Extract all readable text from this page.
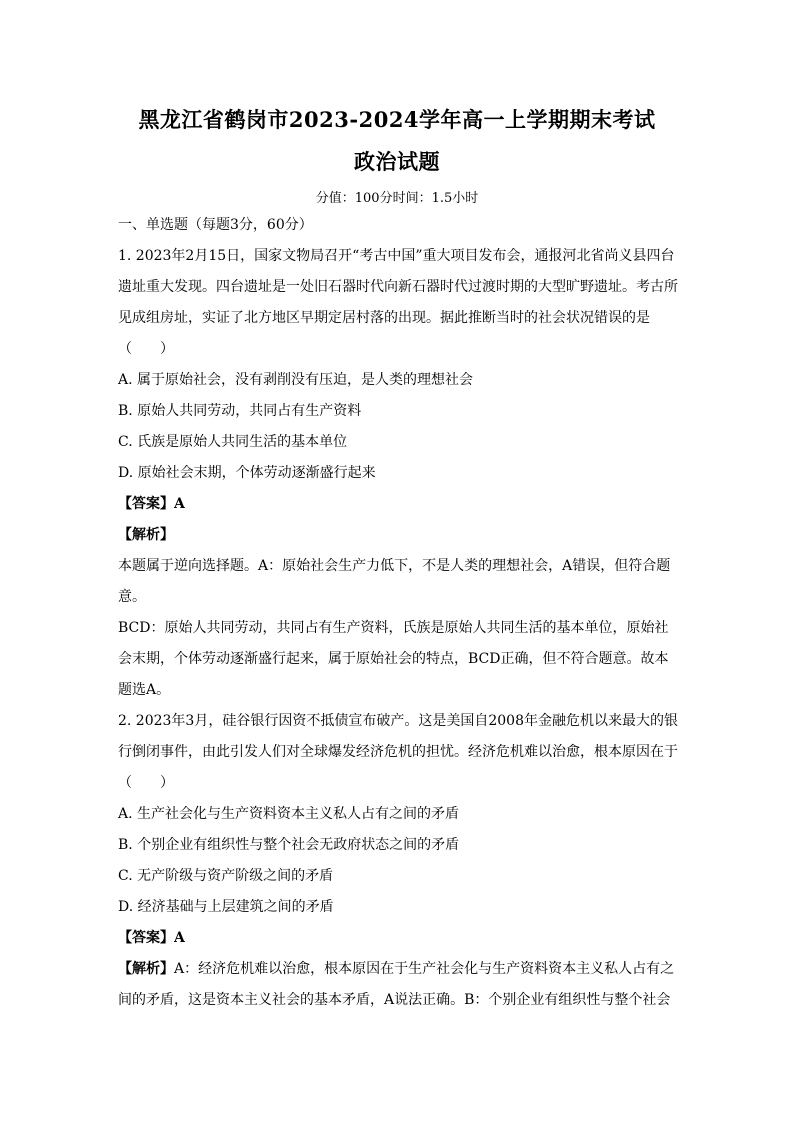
黑龙江省鹤岗市2023-2024学年高一上学期期末考试
政治试题
分值：100分时间：1.5小时

一、单选题（每题3分，60分）

1. 2023年2月15日，国家文物局召开“考古中国”重大项目发布会，通报河北省尚义县四台

遗址重大发现。四台遗址是一处旧石器时代向新石器时代过渡时期的大型旷野遗址。考古所

见成组房址，实证了北方地区早期定居村落的出现。据此推断当时的社会状况错误的是

（　　）

A. 属于原始社会，没有剥削没有压迫，是人类的理想社会

B. 原始人共同劳动，共同占有生产资料

C. 氏族是原始人共同生活的基本单位

D. 原始社会末期，个体劳动逐渐盛行起来

【答案】A

【解析】

本题属于逆向选择题。A：原始社会生产力低下，不是人类的理想社会，A错误，但符合题

意。

BCD：原始人共同劳动，共同占有生产资料，氏族是原始人共同生活的基本单位，原始社

会末期，个体劳动逐渐盛行起来，属于原始社会的特点，BCD正确，但不符合题意。故本

题选A。

2. 2023年3月，硅谷银行因资不抵债宣布破产。这是美国自2008年金融危机以来最大的银

行倒闭事件，由此引发人们对全球爆发经济危机的担忧。经济危机难以治愈，根本原因在于

（　　）

A. 生产社会化与生产资料资本主义私人占有之间的矛盾

B. 个别企业有组织性与整个社会无政府状态之间的矛盾

C. 无产阶级与资产阶级之间的矛盾

D. 经济基础与上层建筑之间的矛盾

【答案】A

【解析】A：经济危机难以治愈，根本原因在于生产社会化与生产资料资本主义私人占有之

间的矛盾，这是资本主义社会的基本矛盾，A说法正确。B：个别企业有组织性与整个社会
